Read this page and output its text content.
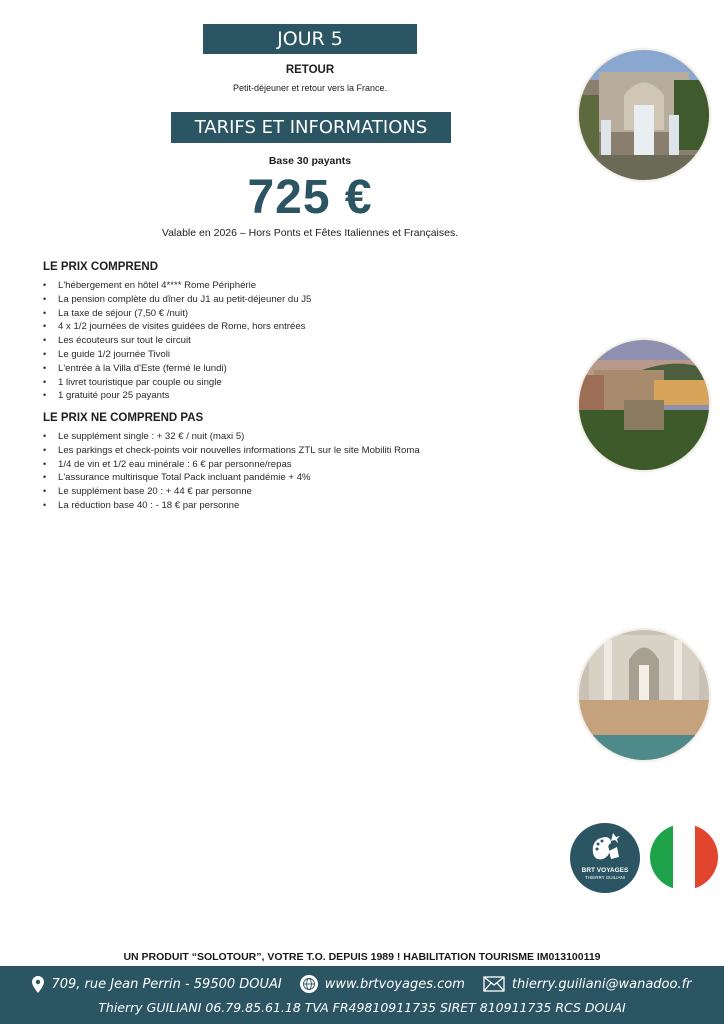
JOUR 5
RETOUR
Petit-déjeuner et retour vers la France.
TARIFS ET INFORMATIONS
Base 30 payants
725 €
Valable en 2026 – Hors Ponts et Fêtes Italiennes et Françaises.
LE PRIX COMPREND
• L'hébergement en hôtel 4**** Rome Périphérie
• La pension complète du dîner du J1 au petit-déjeuner du J5
• La taxe de séjour (7,50 € /nuit)
• 4 x 1/2 journées de visites guidées de Rome, hors entrées
• Les écouteurs sur tout le circuit
• Le guide 1/2 journée Tivoli
• L'entrée à la Villa d'Este (fermé le lundi)
• 1 livret touristique par couple ou single
• 1 gratuité pour 25 payants
LE PRIX NE COMPREND PAS
• Le supplément single : + 32 € / nuit (maxi 5)
• Les parkings et check-points voir nouvelles informations ZTL sur le site Mobiliti Roma
• 1/4 de vin et 1/2 eau minérale : 6 € par personne/repas
• L'assurance multirisque Total Pack incluant pandémie + 4%
• Le supplément base 20 : + 44 € par personne
• La réduction base 40 : - 18 € par personne
BRT VOYAGES
THIERRY GUILIANI
UN PRODUIT “SOLOTOUR”, VOTRE T.O. DEPUIS 1989 ! HABILITATION TOURISME IM013100119
709, rue Jean Perrin - 59500 DOUAI	www.brtvoyages.com	thierry.guiliani@wanadoo.fr
Thierry GUILIANI 06.79.85.61.18 TVA FR49810911735 SIRET 810911735 RCS DOUAI
